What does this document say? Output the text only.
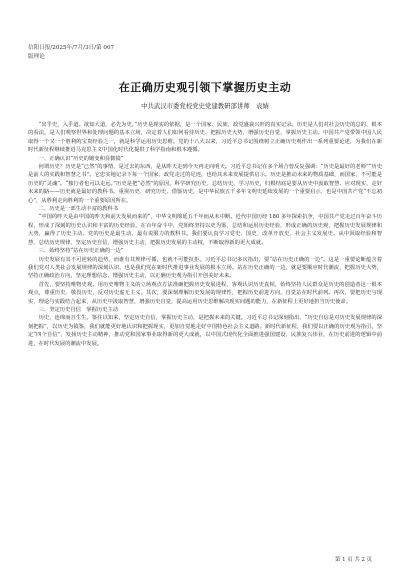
信阳日报/2025年/7月/3日/第 007
版理论
在正确历史观引领下掌握历史主动
中共武汉市委党校党史党建教研部讲师　袁婧

“出乎史，入乎道。欲知大道，必先为史。”历史是现实的依据，是一个国家、民族、政党盛衰兴旺的真实记录。历史是人们对社会历史的总的、根本的看法，是人们观察世界和处理问题的基本立场，决定着人们如何看待历史、把握历史大势，增强历史自觉、掌握历史主动。中国共产党带领中国人民取得一个又一个胜利的宝贵经验之一，就是科学运用历史思维。党的十八大以来，习近平总书记围绕树立正确历史观作出一系列重要论述，为我们在新时代新征程继续推进马克思主义中国化时代化提供了科学指南和根本遵循。

一、正确认识“历史的嬗变和显微镜”

何谓历史？历史是“已然”的事情，是过去的东西，是从昨天走到今天再走向明天。习近平总书记在多个场合曾反复强调：“历史是最好的老师”“历史是前人的实践和智慧之书”。它忠实地记录下每一个国家、政党走过的足迹，也给其未来发展提供启示。历史是推动未来的物质基础，而国家、不可能是历史的“灵魂”。“独行者也可以走远。”历史是把“必然”的原因、科学研究历史、总结历史、学习历史，归根结底是要从历史中汲取智慧、应对现实、走好未来的路——历史就是最好的教科书。重视历史、研究历史、借鉴历史，是中华民族五千多年文明史延续发展的一个重要启示，也是中国共产党“不忘初心”，从胜利走向胜利的一个重要原因所在。

二、历史是一部生动丰富的教科书

“中国的昨天是由中国的昨天和前天发展而来的”，中华文明绵延五千年而从未中断。近代中国历经 180 多年探索抗争，中国共产党走过百年奋斗历程，形成了深刻的历史认识和丰富的历史经验。在百年奋斗中，党始终坚持以史为鉴，总结和运用历史经验，形成正确的历史观，把握历史发展规律和大势，赢得了历史主动。党的历史是最生动、最有说服力的教科书。我们要认真学习党史、国史、改革开放史、社会主义发展史，从中汲取经验和智慧，总结历史规律，坚定历史自信，增强历史主动，把握历史发展的主动权，不断取得新的更大成就。

三、始终坚持“站在历史正确的一边”

历史发展有其不可逆转的趋势，而谁有其规律可循，也就不可能抗拒。习近平总书记多次指出，要“站在历史正确的一边”。这是一重要论断蕴含着我们党对人类社会发展规律的深刻认识，也是我们党在新时代推进事业发展的根本立场。站在历史正确的一边，就是要顺应时代潮流、把握历史大势，坚持正确政治方向，坚定理想信念，增强历史主动，以正确历史观为指引开创美好未来。

首先，要坚持唯物史观。用历史唯物主义的立场观点方法准确把握历史发展进程，客观认识历史真相，始终坚持人民群众是历史的创造者这一根本观点，尊重历史、敬畏历史，反对历史虚无主义。其次，要深刻理解历史发展的规律性，把握历史前进方向，自觉站在时代前列。再次，要把历史与现实、理论与实践结合起来，从历史中汲取智慧，增强历史自觉，提高运用历史思维解决现实问题的能力，在新征程上更好地担当历史使命。

三、坚定历史自信　掌握历史主动

历史，连绵而且生生。鉴往以知来，坚定历史自信，掌握历史主动，是把握未来的关键。习近平总书记深刻指出，“历史自信是对历史发展规律的深刻把握”，以历史为镜鉴，我们就能更好地认识和把握现实，更加自觉地走好中国特色社会主义道路。新时代新征程，我们要以正确的历史观为指引，坚定“四个自信”，发扬历史主动精神，推动党和国家事业取得新的更大成就，以中国式现代化全面推进强国建设、民族复兴伟业，在历史前进的逻辑中前进，在时代发展的潮流中发展。

第 1 页 共 2 页
